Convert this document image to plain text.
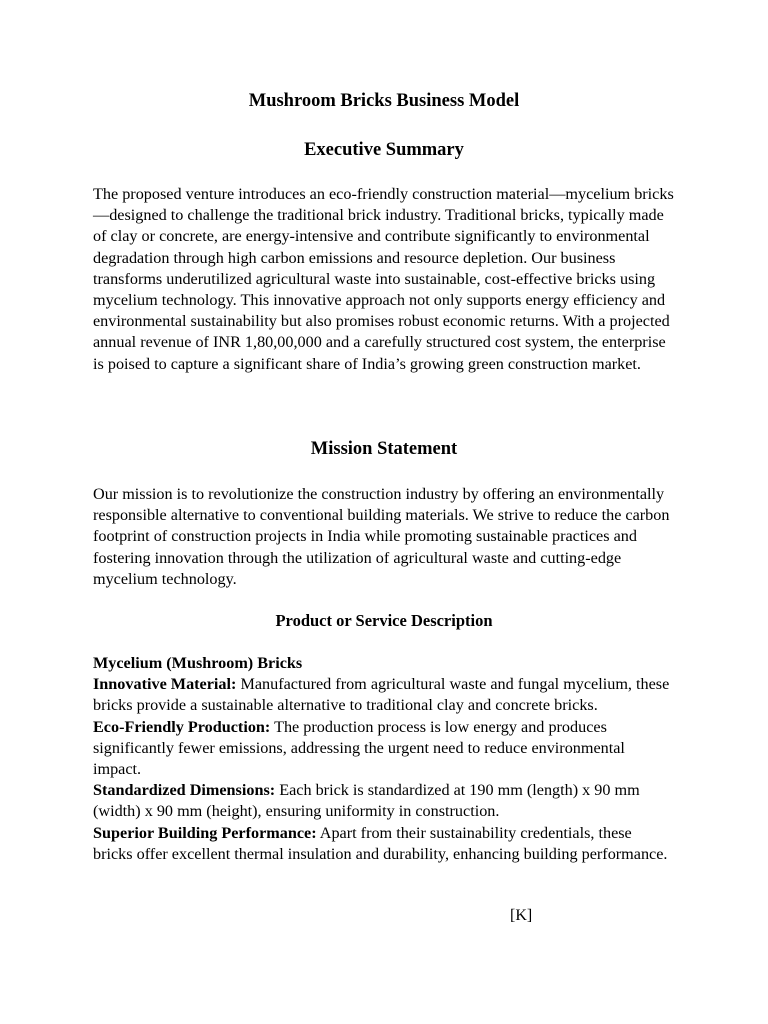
Mushroom Bricks Business Model
Executive Summary

The proposed venture introduces an eco-friendly construction material—mycelium bricks—designed to challenge the traditional brick industry. Traditional bricks, typically made of clay or concrete, are energy-intensive and contribute significantly to environmental degradation through high carbon emissions and resource depletion. Our business transforms underutilized agricultural waste into sustainable, cost-effective bricks using mycelium technology. This innovative approach not only supports energy efficiency and environmental sustainability but also promises robust economic returns. With a projected annual revenue of INR 1,80,00,000 and a carefully structured cost system, the enterprise is poised to capture a significant share of India’s growing green construction market.

Mission Statement

Our mission is to revolutionize the construction industry by offering an environmentally responsible alternative to conventional building materials. We strive to reduce the carbon footprint of construction projects in India while promoting sustainable practices and fostering innovation through the utilization of agricultural waste and cutting-edge mycelium technology.

Product or Service Description
Mycelium (Mushroom) Bricks
Innovative Material: Manufactured from agricultural waste and fungal mycelium, these bricks provide a sustainable alternative to traditional clay and concrete bricks.
Eco-Friendly Production: The production process is low energy and produces significantly fewer emissions, addressing the urgent need to reduce environmental impact.
Standardized Dimensions: Each brick is standardized at 190 mm (length) x 90 mm (width) x 90 mm (height), ensuring uniformity in construction.
Superior Building Performance: Apart from their sustainability credentials, these bricks offer excellent thermal insulation and durability, enhancing building performance.

[K]
